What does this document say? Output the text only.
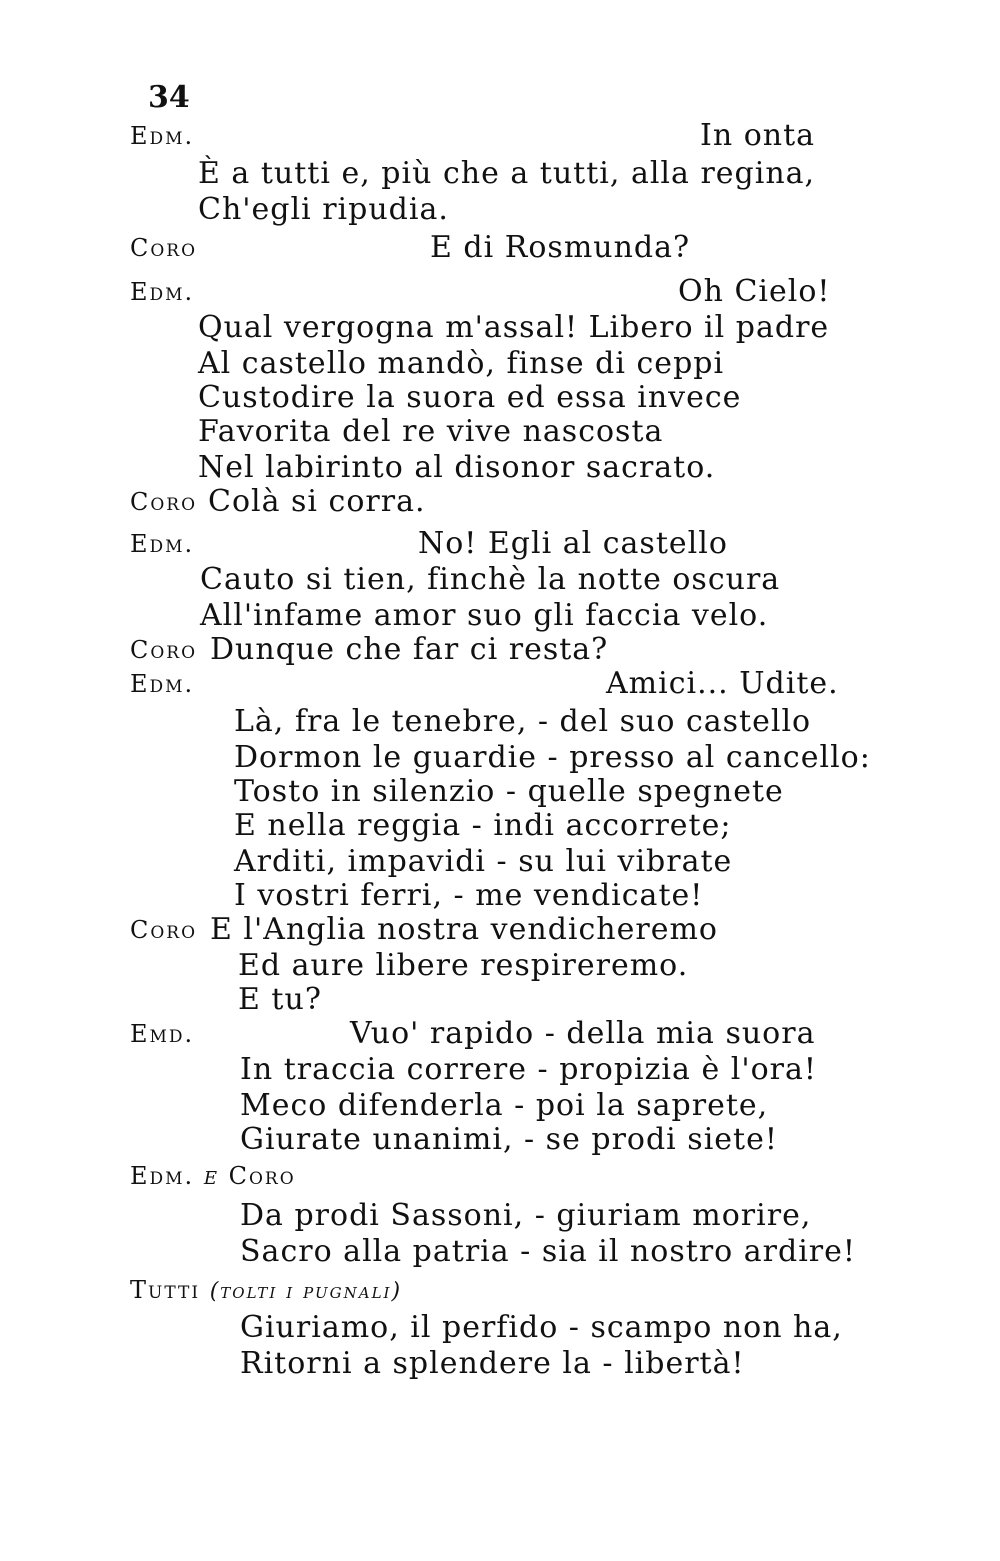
34
Edm.	In onta
È a tutti e, più che a tutti, alla regina,
Ch'egli ripudia.
Coro	E di Rosmunda?
Edm.	Oh Cielo!
Qual vergogna m'assal! Libero il padre
Al castello mandò, finse di ceppi
Custodire la suora ed essa invece
Favorita del re vive nascosta
Nel labirinto al disonor sacrato.
Coro Colà si corra.
Edm.	No! Egli al castello
Cauto si tien, finchè la notte oscura
All'infame amor suo gli faccia velo.
Coro Dunque che far ci resta?
Edm.	Amici... Udite.
Là, fra le tenebre, - del suo castello
Dormon le guardie - presso al cancello:
Tosto in silenzio - quelle spegnete
E nella reggia - indi accorrete;
Arditi, impavidi - su lui vibrate
I vostri ferri, - me vendicate!
Coro E l'Anglia nostra vendicheremo
Ed aure libere respireremo.
E tu?
Emd.	Vuo' rapido - della mia suora
In traccia correre - propizia è l'ora!
Meco difenderla - poi la saprete,
Giurate unanimi, - se prodi siete!
Edm. e Coro
Da prodi Sassoni, - giuriam morire,
Sacro alla patria - sia il nostro ardire!
Tutti (tolti i pugnali)
Giuriamo, il perfido - scampo non ha,
Ritorni a splendere la - libertà!
